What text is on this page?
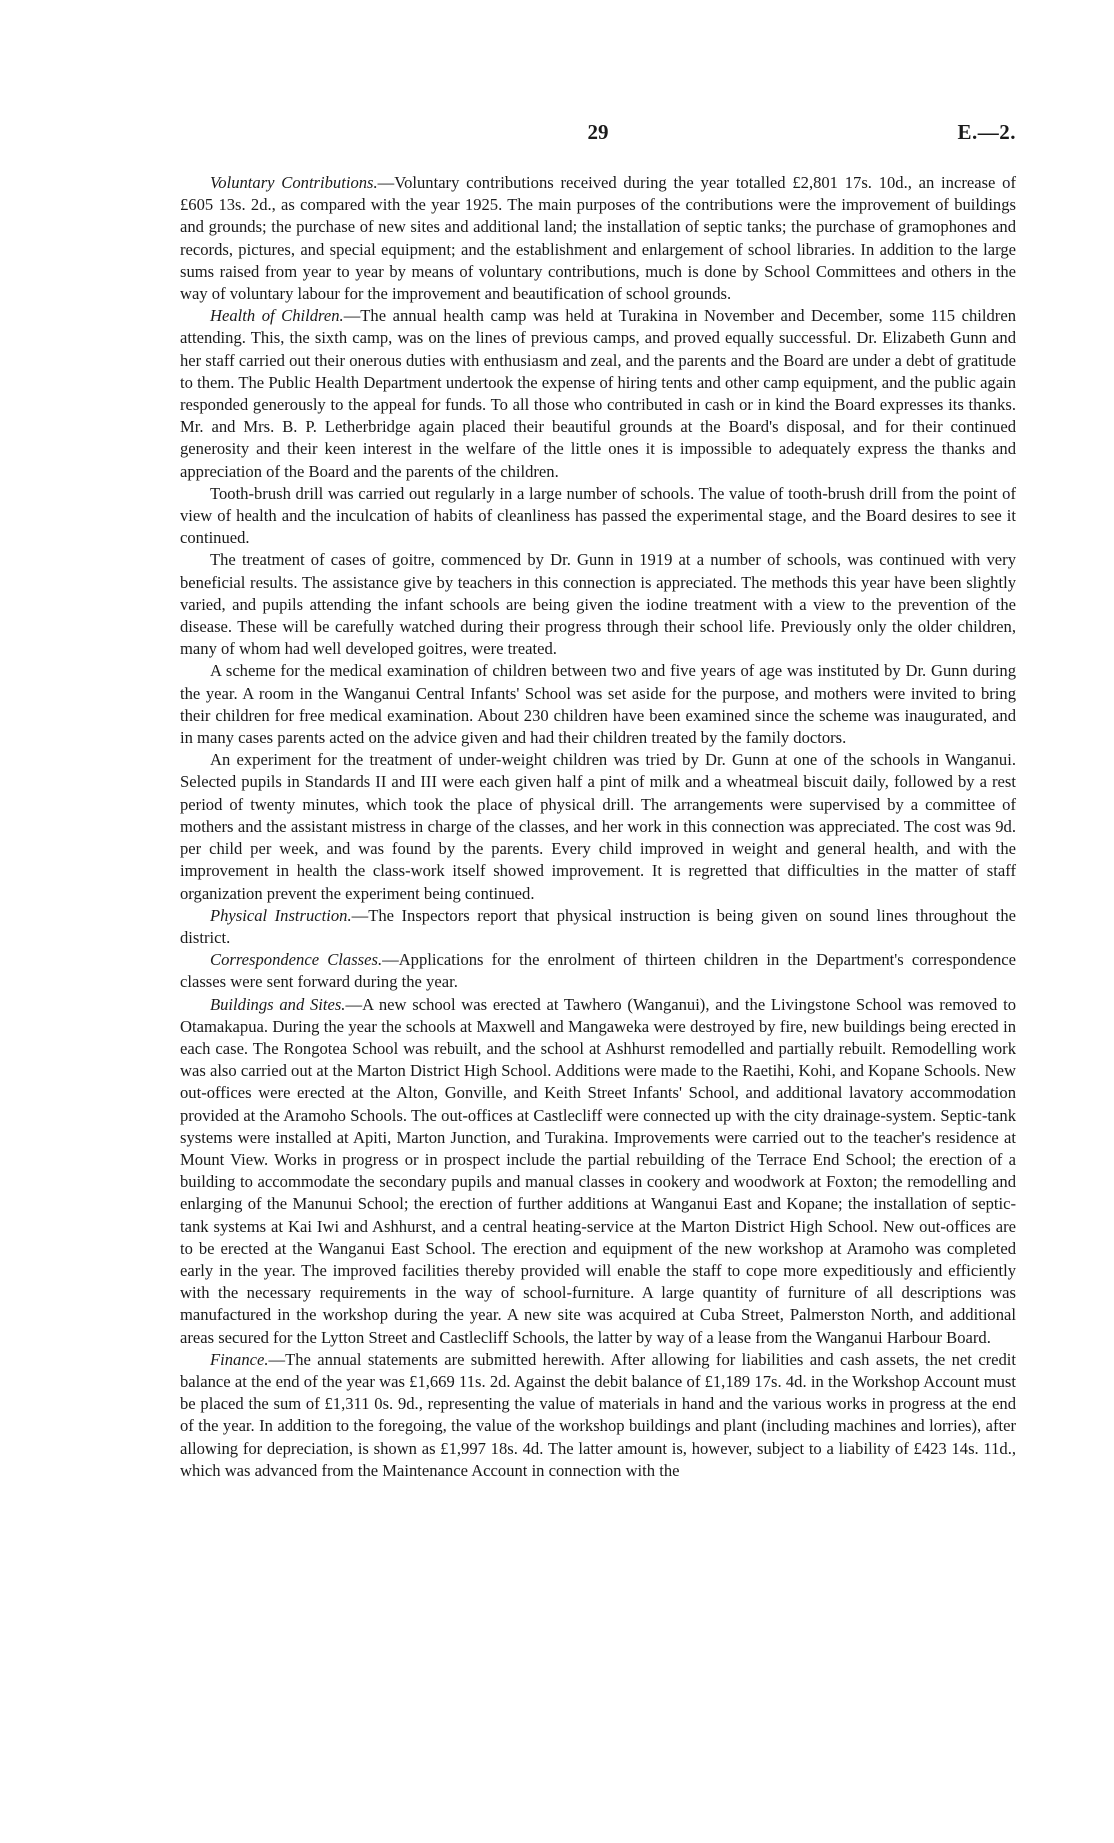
29	E.—2.

Voluntary Contributions.—Voluntary contributions received during the year totalled £2,801 17s. 10d., an increase of £605 13s. 2d., as compared with the year 1925. The main purposes of the contributions were the improvement of buildings and grounds; the purchase of new sites and additional land; the installation of septic tanks; the purchase of gramophones and records, pictures, and special equipment; and the establishment and enlargement of school libraries. In addition to the large sums raised from year to year by means of voluntary contributions, much is done by School Committees and others in the way of voluntary labour for the improvement and beautification of school grounds.

Health of Children.—The annual health camp was held at Turakina in November and December, some 115 children attending. This, the sixth camp, was on the lines of previous camps, and proved equally successful. Dr. Elizabeth Gunn and her staff carried out their onerous duties with enthusiasm and zeal, and the parents and the Board are under a debt of gratitude to them. The Public Health Department undertook the expense of hiring tents and other camp equipment, and the public again responded generously to the appeal for funds. To all those who contributed in cash or in kind the Board expresses its thanks. Mr. and Mrs. B. P. Letherbridge again placed their beautiful grounds at the Board's disposal, and for their continued generosity and their keen interest in the welfare of the little ones it is impossible to adequately express the thanks and appreciation of the Board and the parents of the children.

Tooth-brush drill was carried out regularly in a large number of schools. The value of tooth-brush drill from the point of view of health and the inculcation of habits of cleanliness has passed the experimental stage, and the Board desires to see it continued.

The treatment of cases of goitre, commenced by Dr. Gunn in 1919 at a number of schools, was continued with very beneficial results. The assistance give by teachers in this connection is appreciated. The methods this year have been slightly varied, and pupils attending the infant schools are being given the iodine treatment with a view to the prevention of the disease. These will be carefully watched during their progress through their school life. Previously only the older children, many of whom had well developed goitres, were treated.

A scheme for the medical examination of children between two and five years of age was instituted by Dr. Gunn during the year. A room in the Wanganui Central Infants' School was set aside for the purpose, and mothers were invited to bring their children for free medical examination. About 230 children have been examined since the scheme was inaugurated, and in many cases parents acted on the advice given and had their children treated by the family doctors.

An experiment for the treatment of under-weight children was tried by Dr. Gunn at one of the schools in Wanganui. Selected pupils in Standards II and III were each given half a pint of milk and a wheatmeal biscuit daily, followed by a rest period of twenty minutes, which took the place of physical drill. The arrangements were supervised by a committee of mothers and the assistant mistress in charge of the classes, and her work in this connection was appreciated. The cost was 9d. per child per week, and was found by the parents. Every child improved in weight and general health, and with the improvement in health the class-work itself showed improvement. It is regretted that difficulties in the matter of staff organization prevent the experiment being continued.

Physical Instruction.—The Inspectors report that physical instruction is being given on sound lines throughout the district.

Correspondence Classes.—Applications for the enrolment of thirteen children in the Department's correspondence classes were sent forward during the year.

Buildings and Sites.—A new school was erected at Tawhero (Wanganui), and the Livingstone School was removed to Otamakapua. During the year the schools at Maxwell and Mangaweka were destroyed by fire, new buildings being erected in each case. The Rongotea School was rebuilt, and the school at Ashhurst remodelled and partially rebuilt. Remodelling work was also carried out at the Marton District High School. Additions were made to the Raetihi, Kohi, and Kopane Schools. New out-offices were erected at the Alton, Gonville, and Keith Street Infants' School, and additional lavatory accommodation provided at the Aramoho Schools. The out-offices at Castlecliff were connected up with the city drainage-system. Septic-tank systems were installed at Apiti, Marton Junction, and Turakina. Improvements were carried out to the teacher's residence at Mount View. Works in progress or in prospect include the partial rebuilding of the Terrace End School; the erection of a building to accommodate the secondary pupils and manual classes in cookery and woodwork at Foxton; the remodelling and enlarging of the Manunui School; the erection of further additions at Wanganui East and Kopane; the installation of septic-tank systems at Kai Iwi and Ashhurst, and a central heating-service at the Marton District High School. New out-offices are to be erected at the Wanganui East School. The erection and equipment of the new workshop at Aramoho was completed early in the year. The improved facilities thereby provided will enable the staff to cope more expeditiously and efficiently with the necessary requirements in the way of school-furniture. A large quantity of furniture of all descriptions was manufactured in the workshop during the year. A new site was acquired at Cuba Street, Palmerston North, and additional areas secured for the Lytton Street and Castlecliff Schools, the latter by way of a lease from the Wanganui Harbour Board.

Finance.—The annual statements are submitted herewith. After allowing for liabilities and cash assets, the net credit balance at the end of the year was £1,669 11s. 2d. Against the debit balance of £1,189 17s. 4d. in the Workshop Account must be placed the sum of £1,311 0s. 9d., representing the value of materials in hand and the various works in progress at the end of the year. In addition to the foregoing, the value of the workshop buildings and plant (including machines and lorries), after allowing for depreciation, is shown as £1,997 18s. 4d. The latter amount is, however, subject to a liability of £423 14s. 11d., which was advanced from the Maintenance Account in connection with the
